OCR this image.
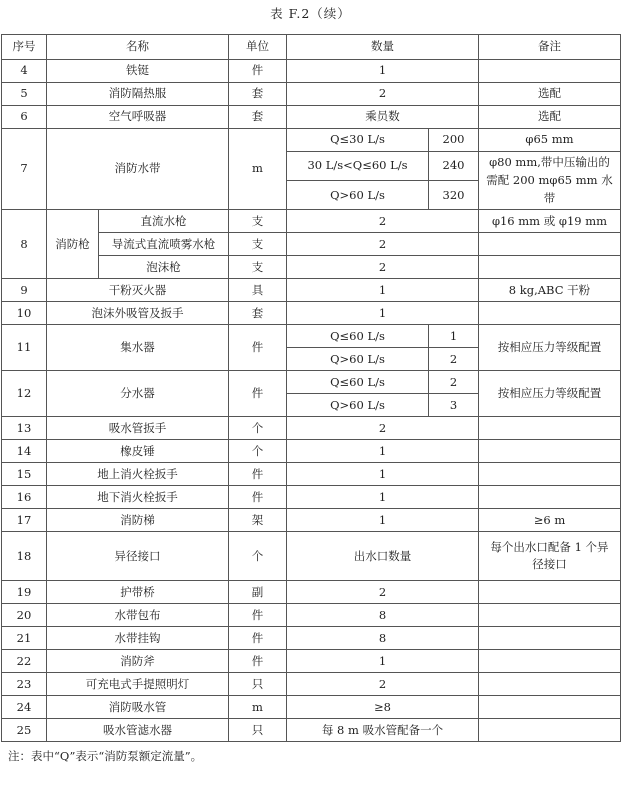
表 F.2（续）
序号	名称		单位	数量		备注
4	铁铤		件	1		
5	消防隔热服		套	2		选配
6	空气呼吸器		套	乘员数		选配
7	消防水带		m	Q≤30 L/s	200	φ65 mm
				30 L/s<Q≤60 L/s	240	φ80 mm,带中压输出的需配 200 mφ65 mm 水带
				Q>60 L/s	320	
8	消防枪	直流水枪	支	2		φ16 mm 或 φ19 mm
		导流式直流喷雾水枪	支	2		
		泡沫枪	支	2		
9	干粉灭火器		具	1		8 kg,ABC 干粉
10	泡沫外吸管及扳手		套	1		
11	集水器		件	Q≤60 L/s	1	按相应压力等级配置
				Q>60 L/s	2	
12	分水器		件	Q≤60 L/s	2	按相应压力等级配置
				Q>60 L/s	3	
13	吸水管扳手		个	2		
14	橡皮锤		个	1		
15	地上消火栓扳手		件	1		
16	地下消火栓扳手		件	1		
17	消防梯		架	1		≥6 m
18	异径接口		个	出水口数量		每个出水口配备 1 个异径接口
19	护带桥		副	2		
20	水带包布		件	8		
21	水带挂钩		件	8		
22	消防斧		件	1		
23	可充电式手提照明灯		只	2		
24	消防吸水管		m	≥8		
25	吸水管滤水器		只	每 8 m 吸水管配备一个		
注：表中“Q”表示“消防泵额定流量”。
